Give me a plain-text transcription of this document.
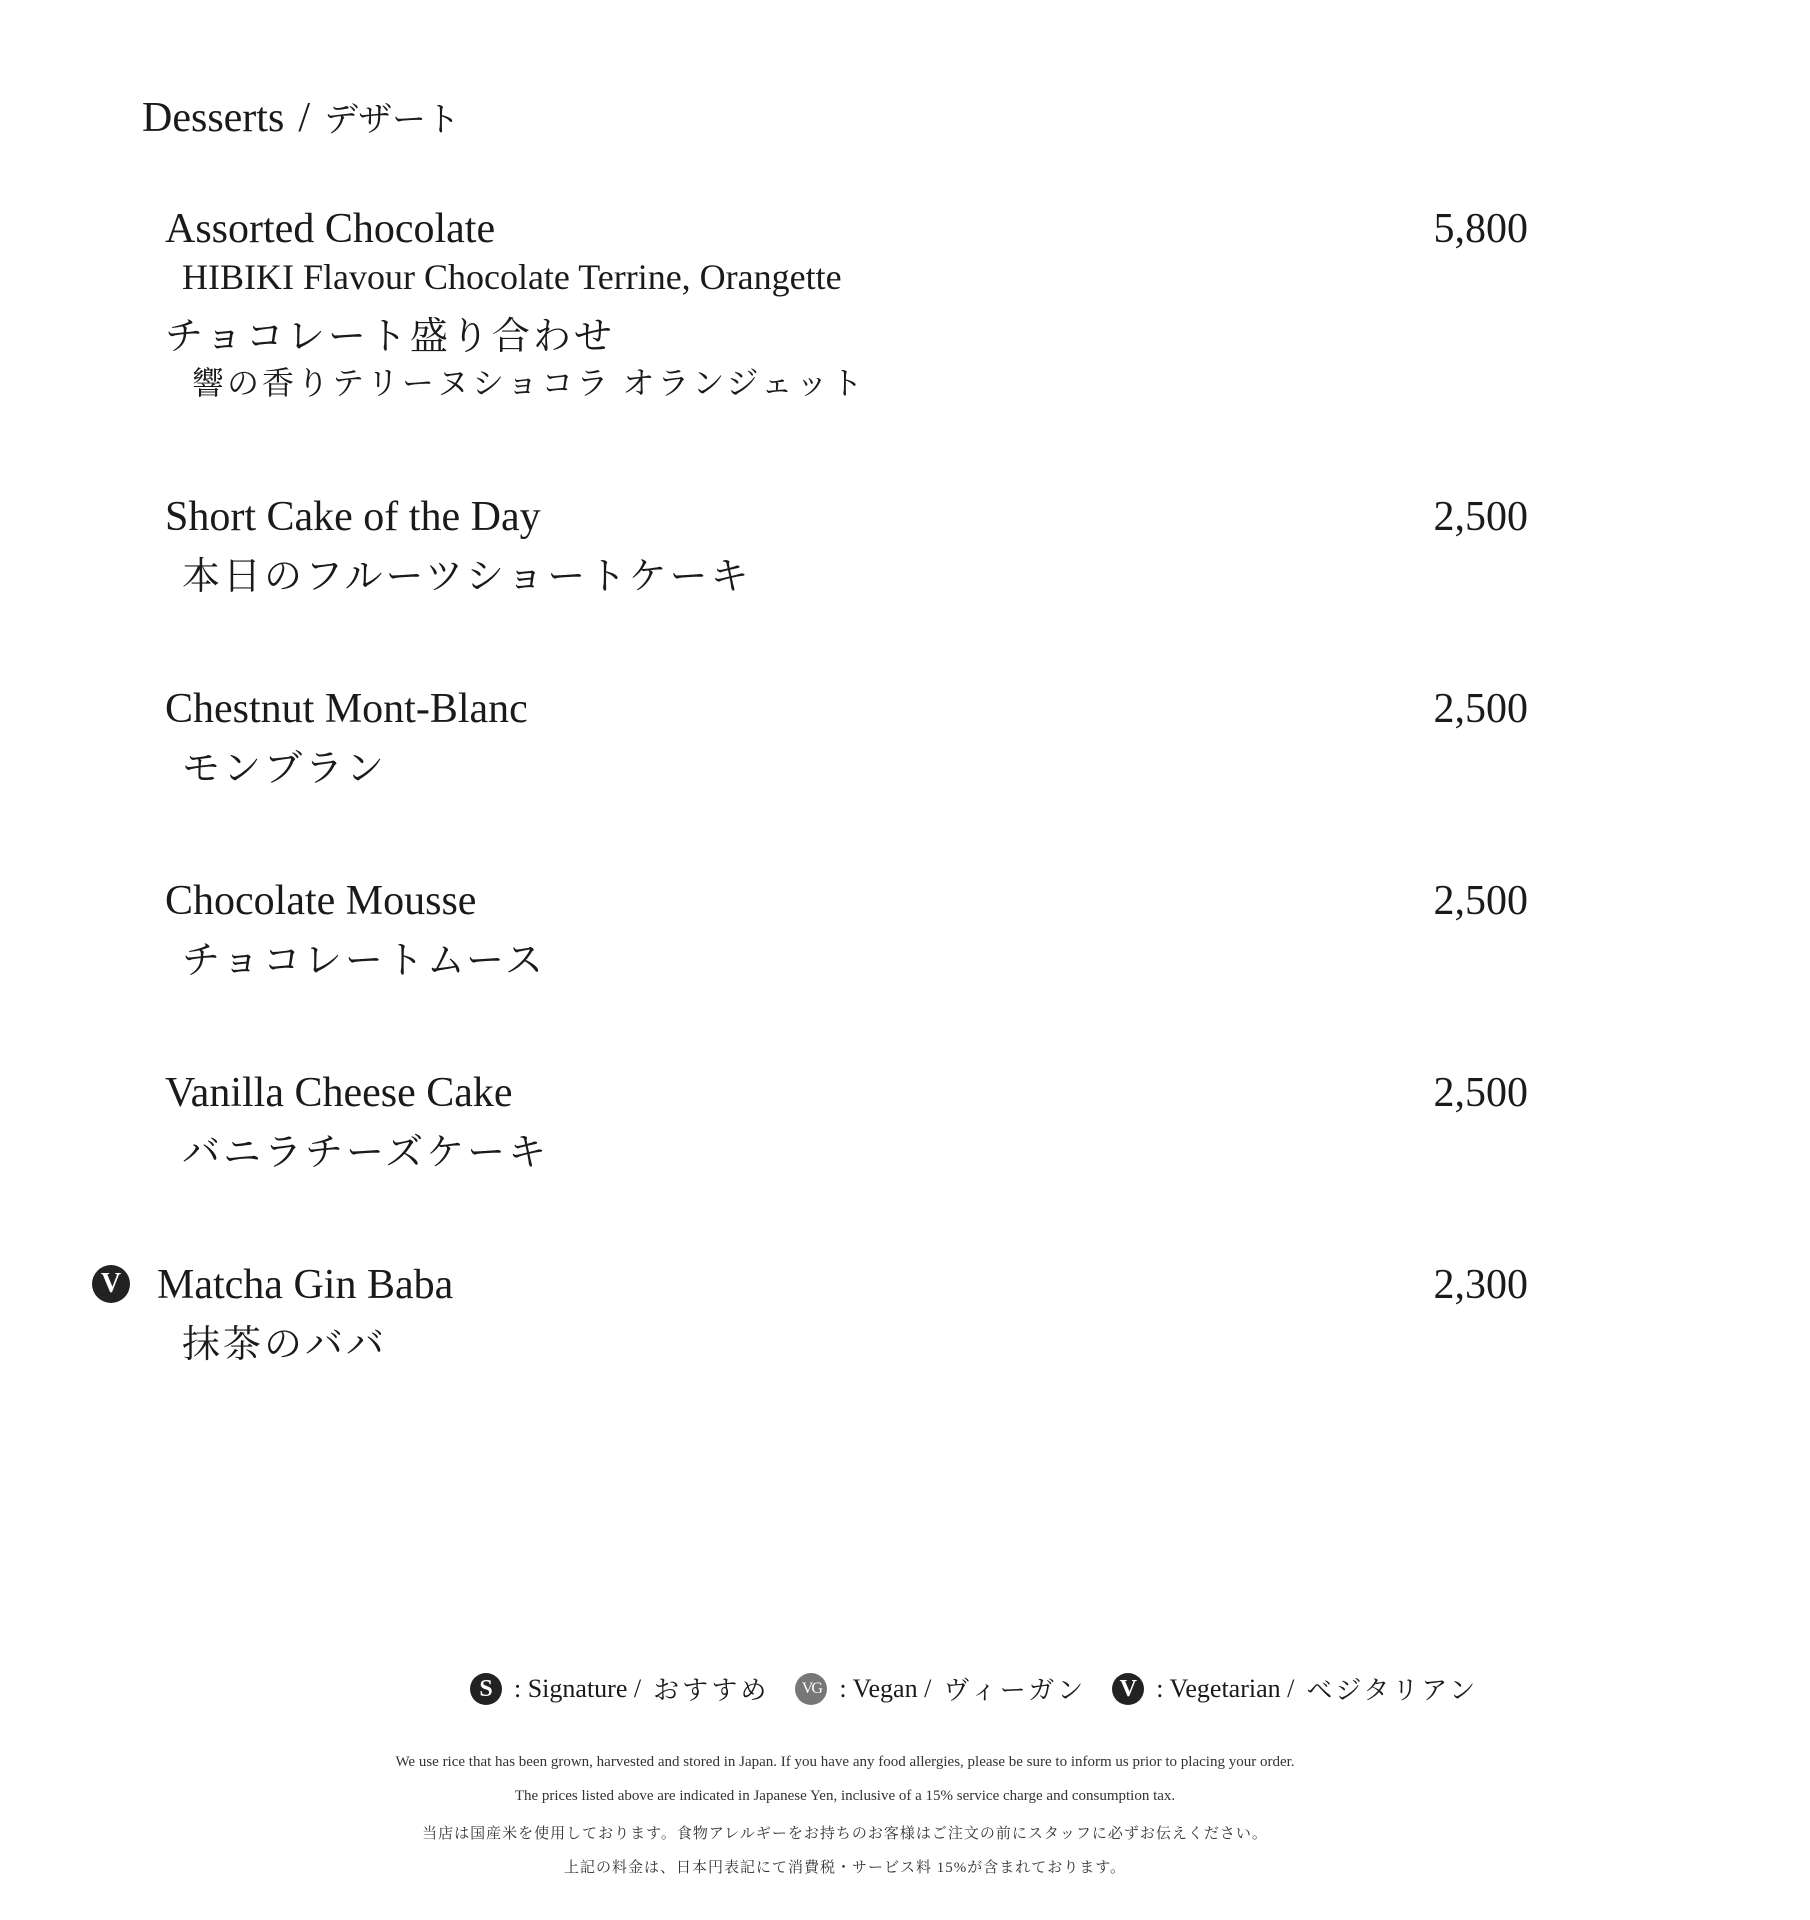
Desserts / デザート
Assorted Chocolate
HIBIKI Flavour Chocolate Terrine, Orangette
チョコレート盛り合わせ
響の香りテリーヌショコラ オランジェット
5,800
Short Cake of the Day
本日のフルーツショートケーキ
2,500
Chestnut Mont-Blanc
モンブラン
2,500
Chocolate Mousse
チョコレートムース
2,500
Vanilla Cheese Cake
バニラチーズケーキ
2,500
V Matcha Gin Baba
抹茶のババ
2,300
S : Signature / おすすめ	VG : Vegan / ヴィーガン	V : Vegetarian / ベジタリアン
We use rice that has been grown, harvested and stored in Japan. If you have any food allergies, please be sure to inform us prior to placing your order.
The prices listed above are indicated in Japanese Yen, inclusive of a 15% service charge and consumption tax.
当店は国産米を使用しております。食物アレルギーをお持ちのお客様はご注文の前にスタッフに必ずお伝えください。
上記の料金は、日本円表記にて消費税・サービス料 15%が含まれております。
